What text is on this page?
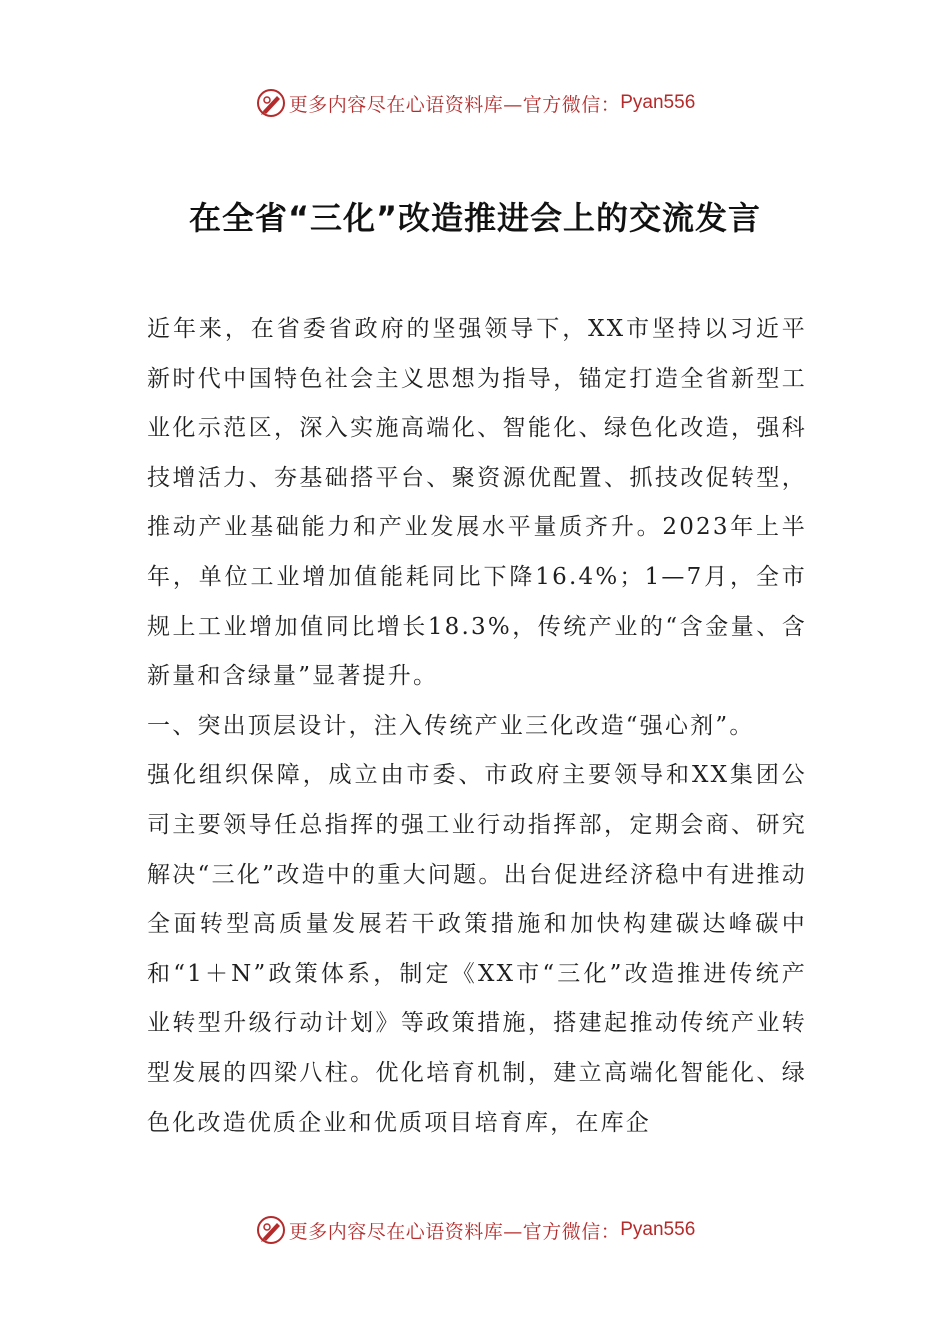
更多内容尽在心语资料库—官方微信： Pyan556
在全省“三化”改造推进会上的交流发言

近年来，在省委省政府的坚强领导下，XX市坚持以习近平新时代中国特色社会主义思想为指导，锚定打造全省新型工业化示范区，深入实施高端化、智能化、绿色化改造，强科技增活力、夯基础搭平台、聚资源优配置、抓技改促转型，推动产业基础能力和产业发展水平量质齐升。2023年上半年，单位工业增加值能耗同比下降16.4%；1—7月，全市规上工业增加值同比增长18.3%，传统产业的“含金量、含新量和含绿量”显著提升。

一、突出顶层设计，注入传统产业三化改造“强心剂”。

强化组织保障，成立由市委、市政府主要领导和XX集团公司主要领导任总指挥的强工业行动指挥部，定期会商、研究解决“三化”改造中的重大问题。出台促进经济稳中有进推动全面转型高质量发展若干政策措施和加快构建碳达峰碳中和“1＋N”政策体系，制定《XX市“三化”改造推进传统产业转型升级行动计划》等政策措施，搭建起推动传统产业转型发展的四梁八柱。优化培育机制，建立高端化智能化、绿色化改造优质企业和优质项目培育库，在库企

更多内容尽在心语资料库—官方微信： Pyan556
